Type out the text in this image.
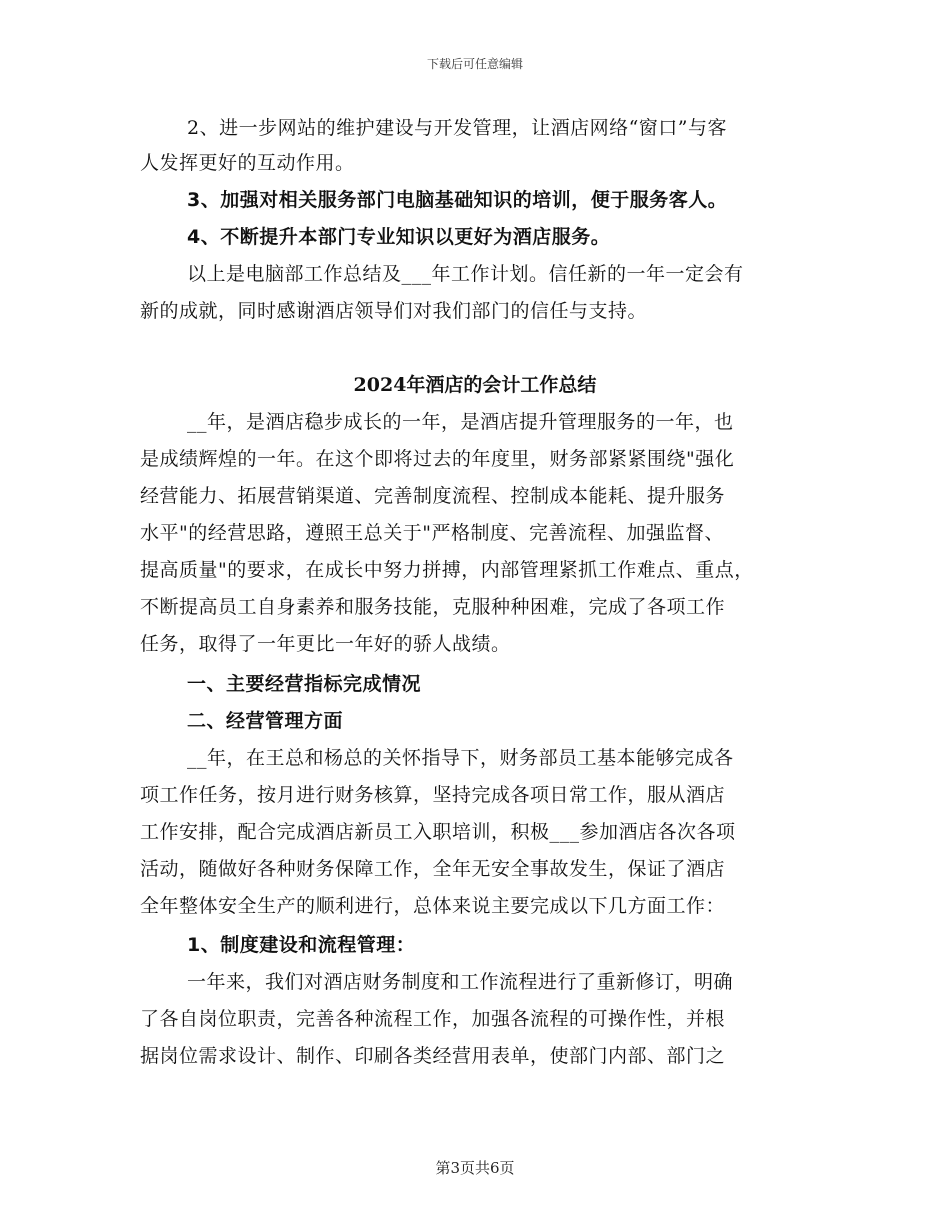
下载后可任意编辑
2、进一步网站的维护建设与开发管理，让酒店网络“窗口”与客
人发挥更好的互动作用。
3、加强对相关服务部门电脑基础知识的培训，便于服务客人。
4、不断提升本部门专业知识以更好为酒店服务。
以上是电脑部工作总结及___年工作计划。信任新的一年一定会有
新的成就，同时感谢酒店领导们对我们部门的信任与支持。
2024年酒店的会计工作总结
__年，是酒店稳步成长的一年，是酒店提升管理服务的一年，也
是成绩辉煌的一年。在这个即将过去的年度里，财务部紧紧围绕"强化
经营能力、拓展营销渠道、完善制度流程、控制成本能耗、提升服务
水平"的经营思路，遵照王总关于"严格制度、完善流程、加强监督、
提高质量"的要求，在成长中努力拼搏，内部管理紧抓工作难点、重点，
不断提高员工自身素养和服务技能，克服种种困难，完成了各项工作
任务，取得了一年更比一年好的骄人战绩。
一、主要经营指标完成情况
二、经营管理方面
__年，在王总和杨总的关怀指导下，财务部员工基本能够完成各
项工作任务，按月进行财务核算，坚持完成各项日常工作，服从酒店
工作安排，配合完成酒店新员工入职培训，积极___参加酒店各次各项
活动，随做好各种财务保障工作，全年无安全事故发生，保证了酒店
全年整体安全生产的顺利进行，总体来说主要完成以下几方面工作：
1、制度建设和流程管理：
一年来，我们对酒店财务制度和工作流程进行了重新修订，明确
了各自岗位职责，完善各种流程工作，加强各流程的可操作性，并根
据岗位需求设计、制作、印刷各类经营用表单，使部门内部、部门之
第3页共6页
